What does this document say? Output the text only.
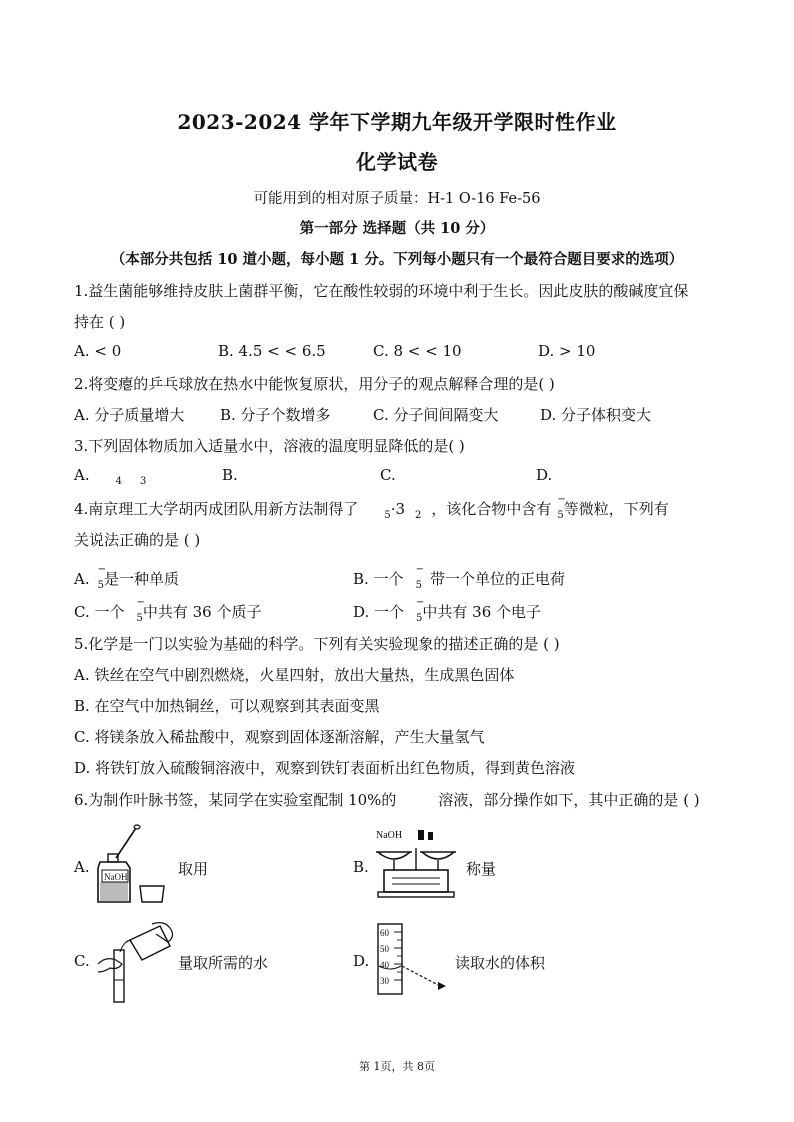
2023-2024 学年下学期九年级开学限时性作业
化学试卷
可能用到的相对原子质量：H-1 O-16 Fe-56
第一部分 选择题（共 10 分）
（本部分共包括 10 道小题，每小题 1 分。下列每小题只有一个最符合题目要求的选项）
1.益生菌能够维持皮肤上菌群平衡，它在酸性较弱的环境中利于生长。因此皮肤的酸碱度宜保
持在 ( )
A. < 0	B. 4.5 < < 6.5	C. 8 < < 10	D. > 10
2.将变瘪的乒乓球放在热水中能恢复原状，用分子的观点解释合理的是( )
A. 分子质量增大 B. 分子个数增多	C. 分子间间隔变大	D. 分子体积变大
3.下列固体物质加入适量水中，溶液的温度明显降低的是( )
A.	$_4$ $_3$	B.	C.	D.
4.南京理工大学胡丙成团队用新方法制得了	$_5$·3 $_2$ ，该化合物中含有
−
$_5$等微粒，下列有
关说法正确的是 ( )
A.
−
$_5$是一种单质	B. 一个
−
$_5$ 带一个单位的正电荷
C. 一个
−
$_5$中共有 36 个质子	D. 一个
−
$_5$中共有 36 个电子
5.化学是一门以实验为基础的科学。下列有关实验现象的描述正确的是 ( )
A. 铁丝在空气中剧烈燃烧，火星四射，放出大量热，生成黑色固体
B. 在空气中加热铜丝，可以观察到其表面变黑
C. 将镁条放入稀盐酸中，观察到固体逐渐溶解，产生大量氢气
D. 将铁钉放入硫酸铜溶液中，观察到铁钉表面析出红色物质，得到黄色溶液
6.为制作叶脉书签，某同学在实验室配制 10%的	溶液，部分操作如下，其中正确的是 ( )
A.
NaOH	取用	B.
NaOH
称量
C.	量取所需的水	D.
60
50
40
30
读取水的体积
第 1页，共 8页
